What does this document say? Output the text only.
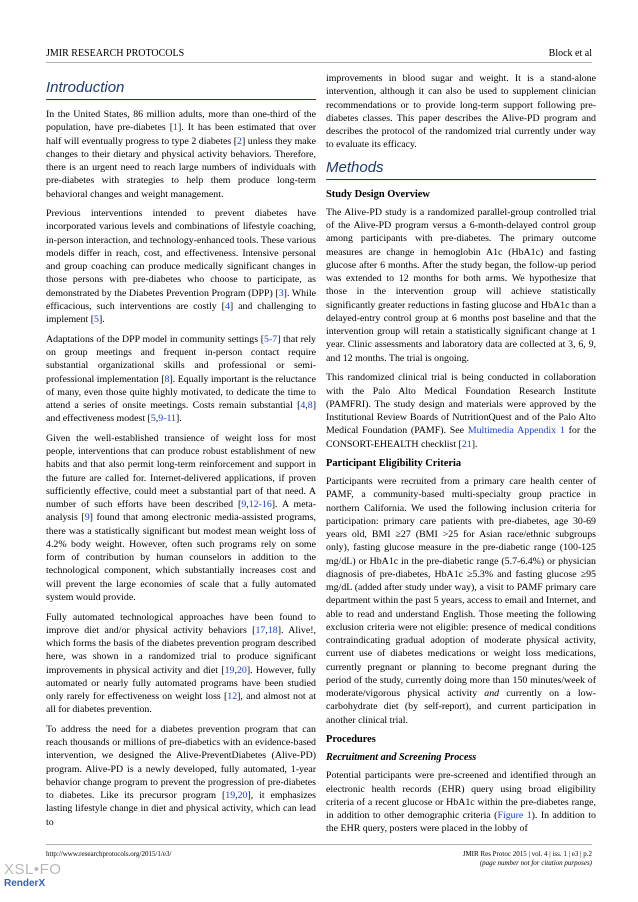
JMIR RESEARCH PROTOCOLS	Block et al
Introduction

In the United States, 86 million adults, more than one-third of the population, have pre-diabetes [1]. It has been estimated that over half will eventually progress to type 2 diabetes [2] unless they make changes to their dietary and physical activity behaviors. Therefore, there is an urgent need to reach large numbers of individuals with pre-diabetes with strategies to help them produce long-term behavioral changes and weight management.

Previous interventions intended to prevent diabetes have incorporated various levels and combinations of lifestyle coaching, in-person interaction, and technology-enhanced tools. These various models differ in reach, cost, and effectiveness. Intensive personal and group coaching can produce medically significant changes in those persons with pre-diabetes who choose to participate, as demonstrated by the Diabetes Prevention Program (DPP) [3]. While efficacious, such interventions are costly [4] and challenging to implement [5].

Adaptations of the DPP model in community settings [5-7] that rely on group meetings and frequent in-person contact require substantial organizational skills and professional or semi-professional implementation [8]. Equally important is the reluctance of many, even those quite highly motivated, to dedicate the time to attend a series of onsite meetings. Costs remain substantial [4,8] and effectiveness modest [5,9-11].

Given the well-established transience of weight loss for most people, interventions that can produce robust establishment of new habits and that also permit long-term reinforcement and support in the future are called for. Internet-delivered applications, if proven sufficiently effective, could meet a substantial part of that need. A number of such efforts have been described [9,12-16]. A meta-analysis [9] found that among electronic media-assisted programs, there was a statistically significant but modest mean weight loss of 4.2% body weight. However, often such programs rely on some form of contribution by human counselors in addition to the technological component, which substantially increases cost and will prevent the large economies of scale that a fully automated system would provide.

Fully automated technological approaches have been found to improve diet and/or physical activity behaviors [17,18]. Alive!, which forms the basis of the diabetes prevention program described here, was shown in a randomized trial to produce significant improvements in physical activity and diet [19,20]. However, fully automated or nearly fully automated programs have been studied only rarely for effectiveness on weight loss [12], and almost not at all for diabetes prevention.

To address the need for a diabetes prevention program that can reach thousands or millions of pre-diabetics with an evidence-based intervention, we designed the Alive-PreventDiabetes (Alive-PD) program. Alive-PD is a newly developed, fully automated, 1-year behavior change program to prevent the progression of pre-diabetes to diabetes. Like its precursor program [19,20], it emphasizes lasting lifestyle change in diet and physical activity, which can lead to

improvements in blood sugar and weight. It is a stand-alone intervention, although it can also be used to supplement clinician recommendations or to provide long-term support following pre-diabetes classes. This paper describes the Alive-PD program and describes the protocol of the randomized trial currently under way to evaluate its efficacy.

Methods
Study Design Overview

The Alive-PD study is a randomized parallel-group controlled trial of the Alive-PD program versus a 6-month-delayed control group among participants with pre-diabetes. The primary outcome measures are change in hemoglobin A1c (HbA1c) and fasting glucose after 6 months. After the study began, the follow-up period was extended to 12 months for both arms. We hypothesize that those in the intervention group will achieve statistically significantly greater reductions in fasting glucose and HbA1c than a delayed-entry control group at 6 months post baseline and that the intervention group will retain a statistically significant change at 1 year. Clinic assessments and laboratory data are collected at 3, 6, 9, and 12 months. The trial is ongoing.

This randomized clinical trial is being conducted in collaboration with the Palo Alto Medical Foundation Research Institute (PAMFRI). The study design and materials were approved by the Institutional Review Boards of NutritionQuest and of the Palo Alto Medical Foundation (PAMF). See Multimedia Appendix 1 for the CONSORT-EHEALTH checklist [21].

Participant Eligibility Criteria

Participants were recruited from a primary care health center of PAMF, a community-based multi-specialty group practice in northern California. We used the following inclusion criteria for participation: primary care patients with pre-diabetes, age 30-69 years old, BMI ≥27 (BMI >25 for Asian race/ethnic subgroups only), fasting glucose measure in the pre-diabetic range (100-125 mg/dL) or HbA1c in the pre-diabetic range (5.7-6.4%) or physician diagnosis of pre-diabetes, HbA1c ≥5.3% and fasting glucose ≥95 mg/dL (added after study under way), a visit to PAMF primary care department within the past 5 years, access to email and Internet, and able to read and understand English. Those meeting the following exclusion criteria were not eligible: presence of medical conditions contraindicating gradual adoption of moderate physical activity, current use of diabetes medications or weight loss medications, currently pregnant or planning to become pregnant during the period of the study, currently doing more than 150 minutes/week of moderate/vigorous physical activity and currently on a low-carbohydrate diet (by self-report), and current participation in another clinical trial.

Procedures
Recruitment and Screening Process

Potential participants were pre-screened and identified through an electronic health records (EHR) query using broad eligibility criteria of a recent glucose or HbA1c within the pre-diabetes range, in addition to other demographic criteria (Figure 1). In addition to the EHR query, posters were placed in the lobby of

http://www.researchprotocols.org/2015/1/e3/	JMIR Res Protoc 2015 | vol. 4 | iss. 1 | e3 | p.2
(page number not for citation purposes)
XSL•FO
RenderX
